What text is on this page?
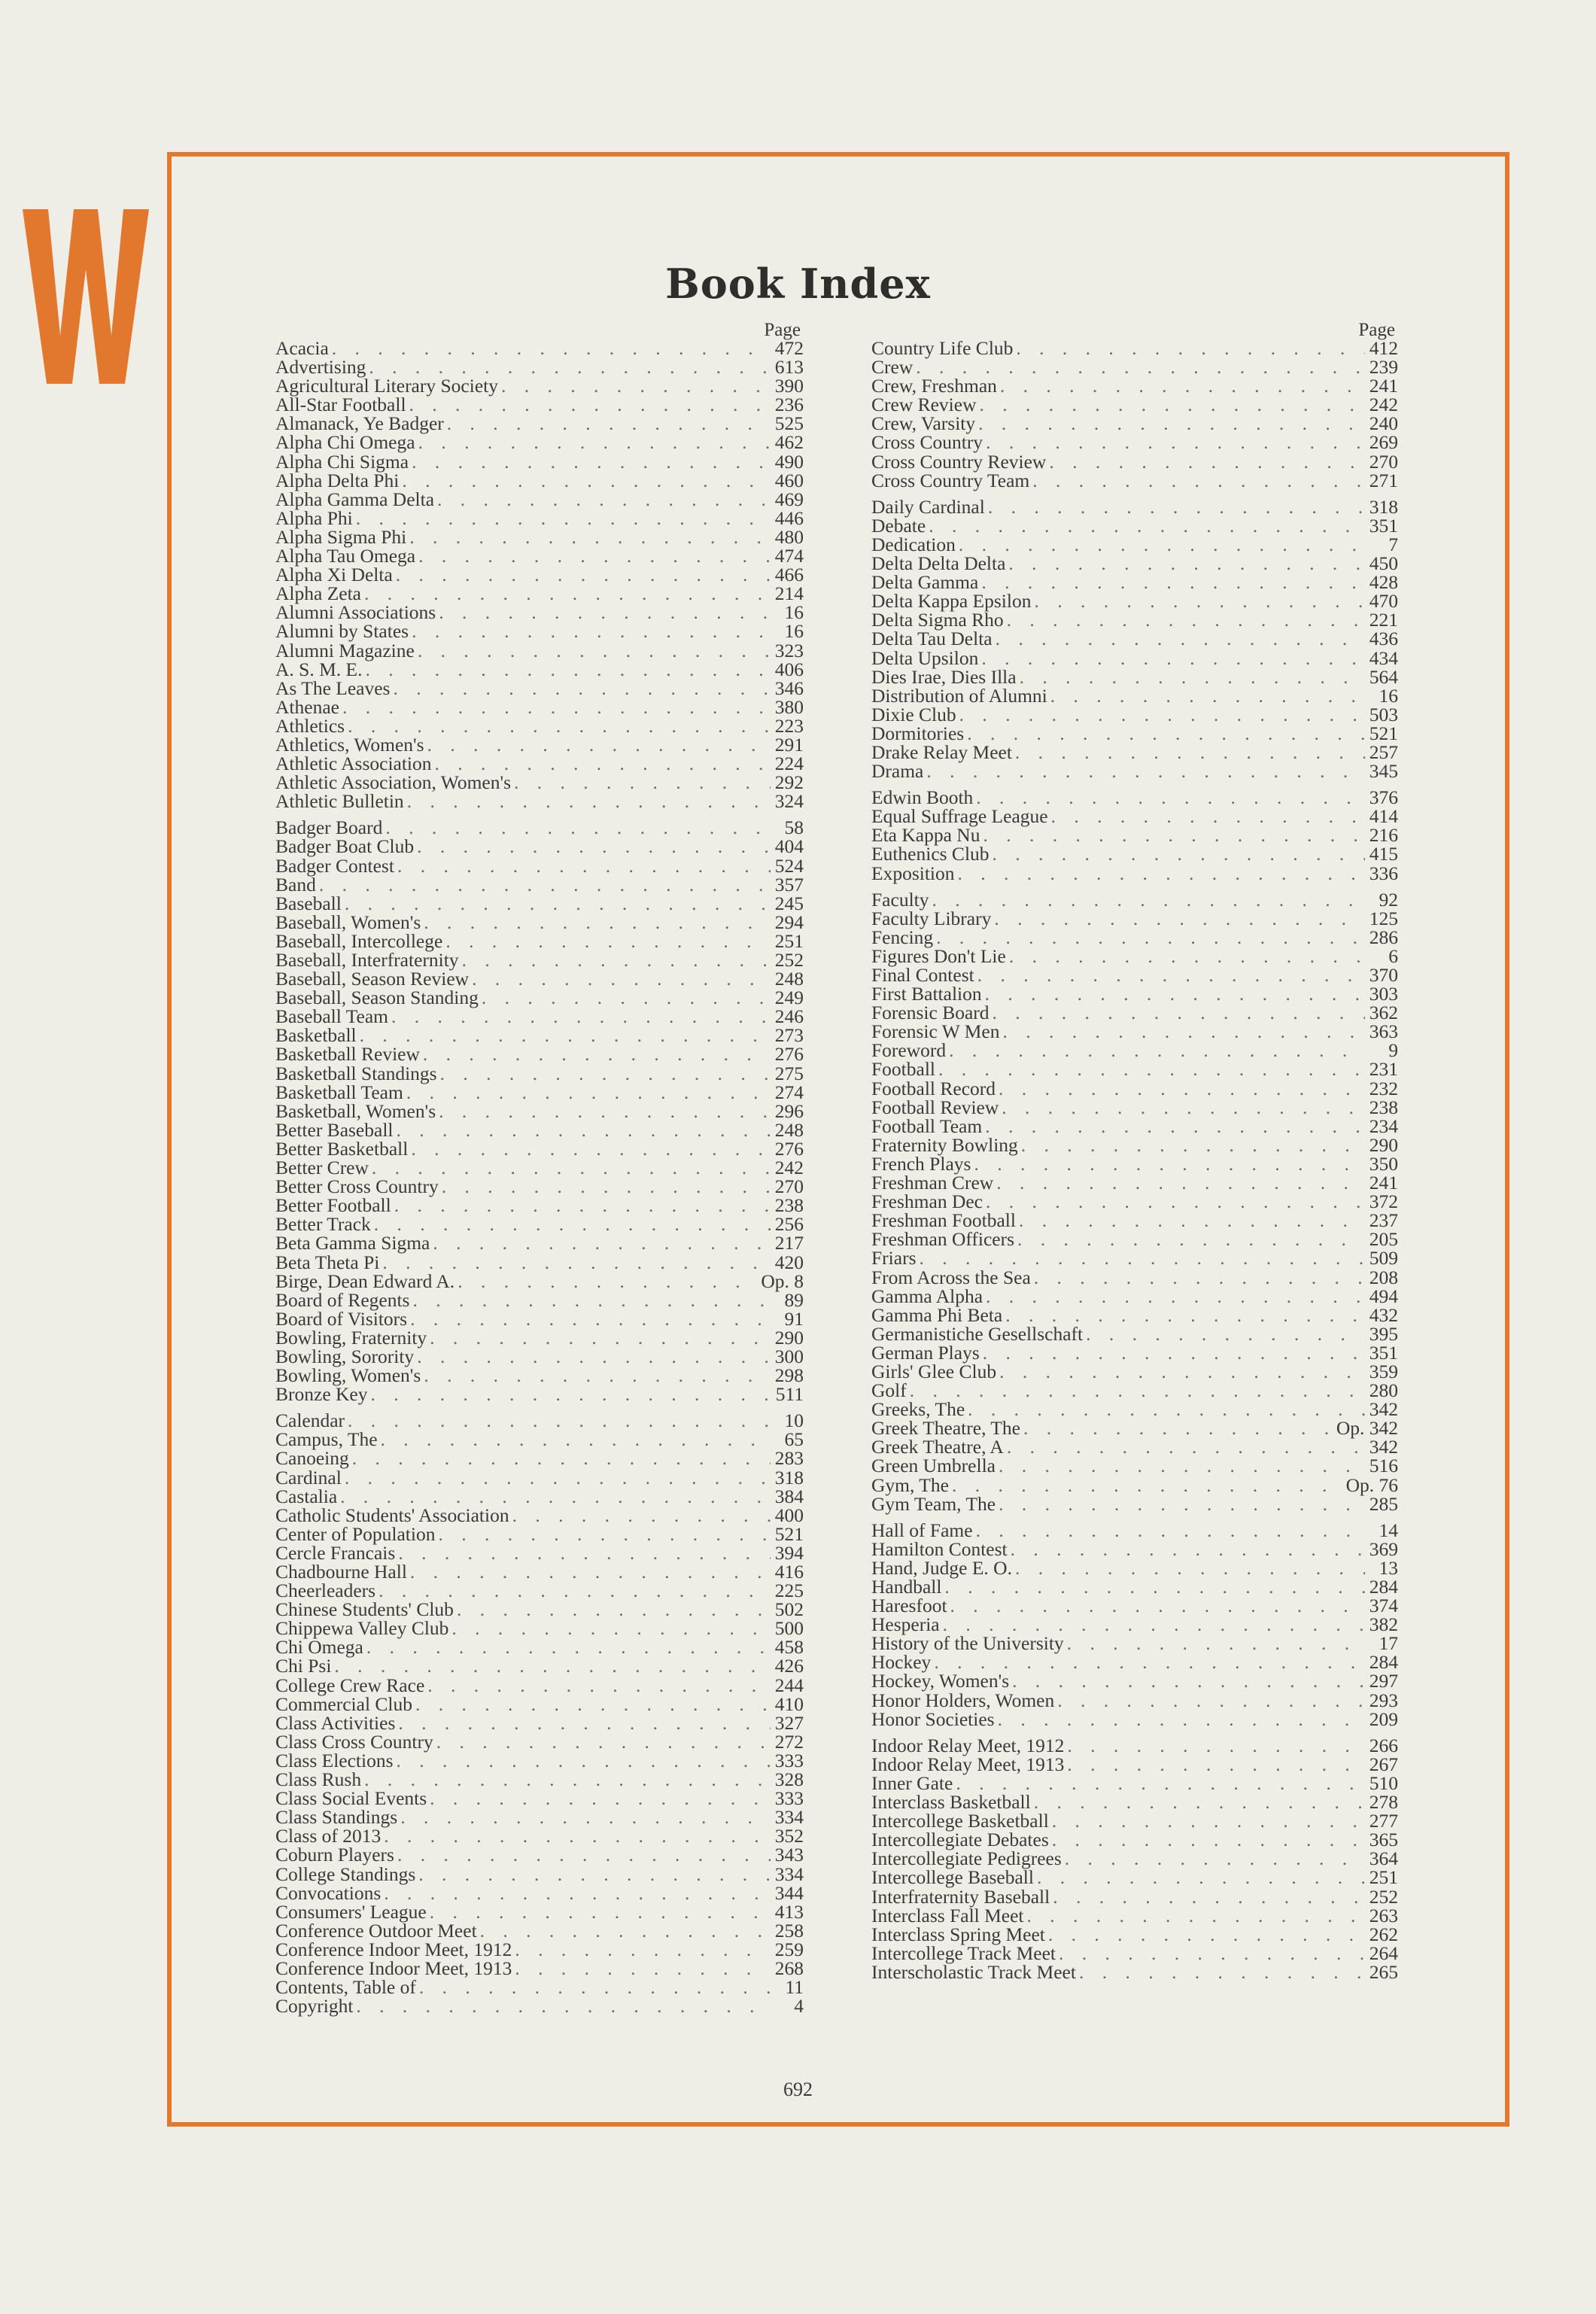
Book Index
Page
Acacia . . .	472
Advertising . . .	613
Agricultural Literary Society . . .	390
All-Star Football . . .	236
Almanack, Ye Badger . . .	525
Alpha Chi Omega . . .	462
Alpha Chi Sigma . . .	490
Alpha Delta Phi . . .	460
Alpha Gamma Delta . . .	469
Alpha Phi . . .	446
Alpha Sigma Phi . . .	480
Alpha Tau Omega . . .	474
Alpha Xi Delta . . .	466
Alpha Zeta . . .	214
Alumni Associations . . .	16
Alumni by States . . .	16
Alumni Magazine . . .	323
A. S. M. E. . . .	406
As The Leaves . . .	346
Athenae . . .	380
Athletics . . .	223
Athletics, Women's . . .	291
Athletic Association . . .	224
Athletic Association, Women's . . .	292
Athletic Bulletin . . .	324
Badger Board . . .	58
Badger Boat Club . . .	404
Badger Contest . . .	524
Band . . .	357
Baseball . . .	245
Baseball, Women's . . .	294
Baseball, Intercollege . . .	251
Baseball, Interfraternity . . .	252
Baseball, Season Review . . .	248
Baseball, Season Standing . . .	249
Baseball Team . . .	246
Basketball . . .	273
Basketball Review . . .	276
Basketball Standings . . .	275
Basketball Team . . .	274
Basketball, Women's . . .	296
Better Baseball . . .	248
Better Basketball . . .	276
Better Crew . . .	242
Better Cross Country . . .	270
Better Football . . .	238
Better Track . . .	256
Beta Gamma Sigma . . .	217
Beta Theta Pi . . .	420
Birge, Dean Edward A. . . .	Op. 8
Board of Regents . . .	89
Board of Visitors . . .	91
Bowling, Fraternity . . .	290
Bowling, Sorority . . .	300
Bowling, Women's . . .	298
Bronze Key . . .	511
Calendar . . .	10
Campus, The . . .	65
Canoeing . . .	283
Cardinal . . .	318
Castalia . . .	384
Catholic Students' Association . . .	400
Center of Population . . .	521
Cercle Francais . . .	394
Chadbourne Hall . . .	416
Cheerleaders . . .	225
Chinese Students' Club . . .	502
Chippewa Valley Club . . .	500
Chi Omega . . .	458
Chi Psi . . .	426
College Crew Race . . .	244
Commercial Club . . .	410
Class Activities . . .	327
Class Cross Country . . .	272
Class Elections . . .	333
Class Rush . . .	328
Class Social Events . . .	333
Class Standings . . .	334
Class of 2013 . . .	352
Coburn Players . . .	343
College Standings . . .	334
Convocations . . .	344
Consumers' League . . .	413
Conference Outdoor Meet . . .	258
Conference Indoor Meet, 1912 . . .	259
Conference Indoor Meet, 1913 . . .	268
Contents, Table of . . .	11
Copyright . . .	4
Page
Country Life Club . . .	412
Crew . . .	239
Crew, Freshman . . .	241
Crew Review . . .	242
Crew, Varsity . . .	240
Cross Country . . .	269
Cross Country Review . . .	270
Cross Country Team . . .	271
Daily Cardinal . . .	318
Debate . . .	351
Dedication . . .	7
Delta Delta Delta . . .	450
Delta Gamma . . .	428
Delta Kappa Epsilon . . .	470
Delta Sigma Rho . . .	221
Delta Tau Delta . . .	436
Delta Upsilon . . .	434
Dies Irae, Dies Illa . . .	564
Distribution of Alumni . . .	16
Dixie Club . . .	503
Dormitories . . .	521
Drake Relay Meet . . .	257
Drama . . .	345
Edwin Booth . . .	376
Equal Suffrage League . . .	414
Eta Kappa Nu . . .	216
Euthenics Club . . .	415
Exposition . . .	336
Faculty . . .	92
Faculty Library . . .	125
Fencing . . .	286
Figures Don't Lie . . .	6
Final Contest . . .	370
First Battalion . . .	303
Forensic Board . . .	362
Forensic W Men . . .	363
Foreword . . .	9
Football . . .	231
Football Record . . .	232
Football Review . . .	238
Football Team . . .	234
Fraternity Bowling . . .	290
French Plays . . .	350
Freshman Crew . . .	241
Freshman Dec . . .	372
Freshman Football . . .	237
Freshman Officers . . .	205
Friars . . .	509
From Across the Sea . . .	208
Gamma Alpha . . .	494
Gamma Phi Beta . . .	432
Germanistiche Gesellschaft . . .	395
German Plays . . .	351
Girls' Glee Club . . .	359
Golf . . .	280
Greeks, The . . .	342
Greek Theatre, The . . .	Op. 342
Greek Theatre, A . . .	342
Green Umbrella . . .	516
Gym, The . . .	Op. 76
Gym Team, The . . .	285
Hall of Fame . . .	14
Hamilton Contest . . .	369
Hand, Judge E. O. . . .	13
Handball . . .	284
Haresfoot . . .	374
Hesperia . . .	382
History of the University . . .	17
Hockey . . .	284
Hockey, Women's . . .	297
Honor Holders, Women . . .	293
Honor Societies . . .	209
Indoor Relay Meet, 1912 . . .	266
Indoor Relay Meet, 1913 . . .	267
Inner Gate . . .	510
Interclass Basketball . . .	278
Intercollege Basketball . . .	277
Intercollegiate Debates . . .	365
Intercollegiate Pedigrees . . .	364
Intercollege Baseball . . .	251
Interfraternity Baseball . . .	252
Interclass Fall Meet . . .	263
Interclass Spring Meet . . .	262
Intercollege Track Meet . . .	264
Interscholastic Track Meet . . .	265
692
